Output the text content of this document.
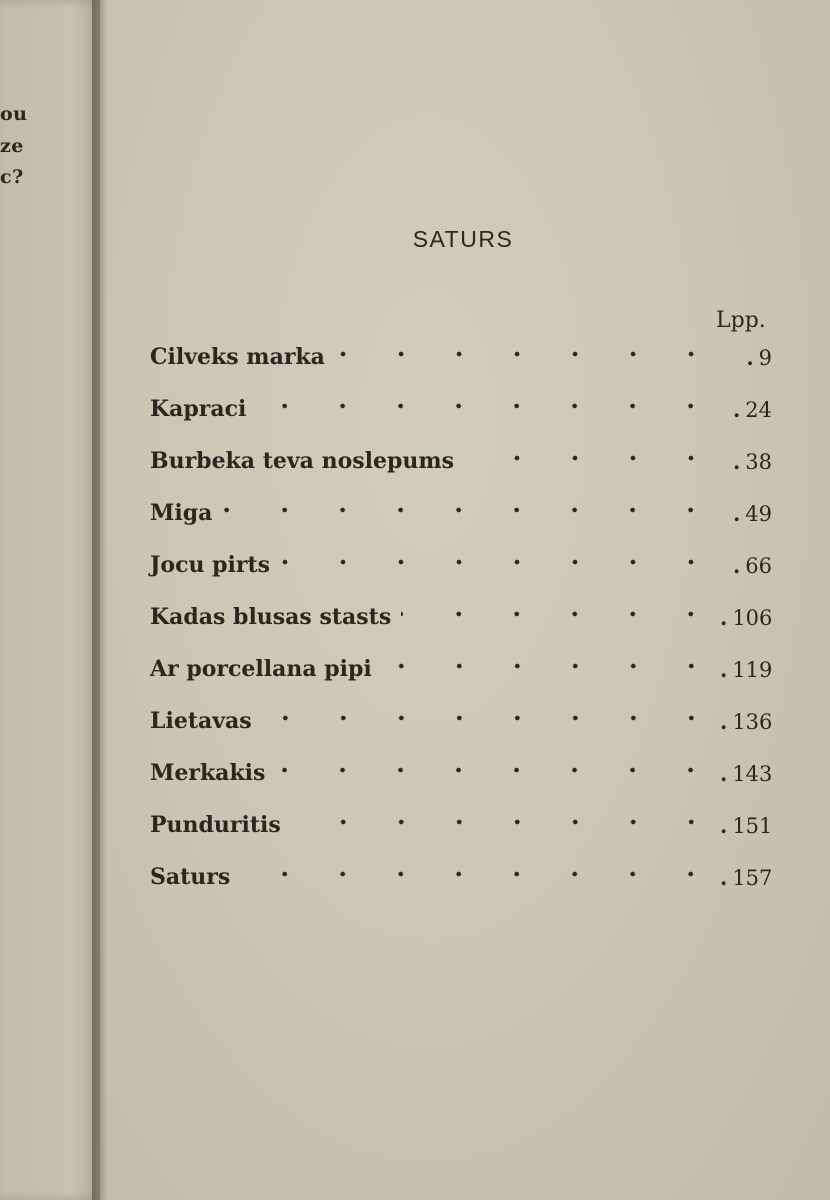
ou
ze
c?
SATURS
Lpp.
Cilveks marka	. 9
Kapraci	. 24
Burbeka teva noslepums	. 38
Miga	. 49
Jocu pirts	. 66
Kadas blusas stasts	. 106
Ar porcellana pipi	. 119
Lietavas	. 136
Merkakis	. 143
Punduritis	. 151
Saturs	. 157
